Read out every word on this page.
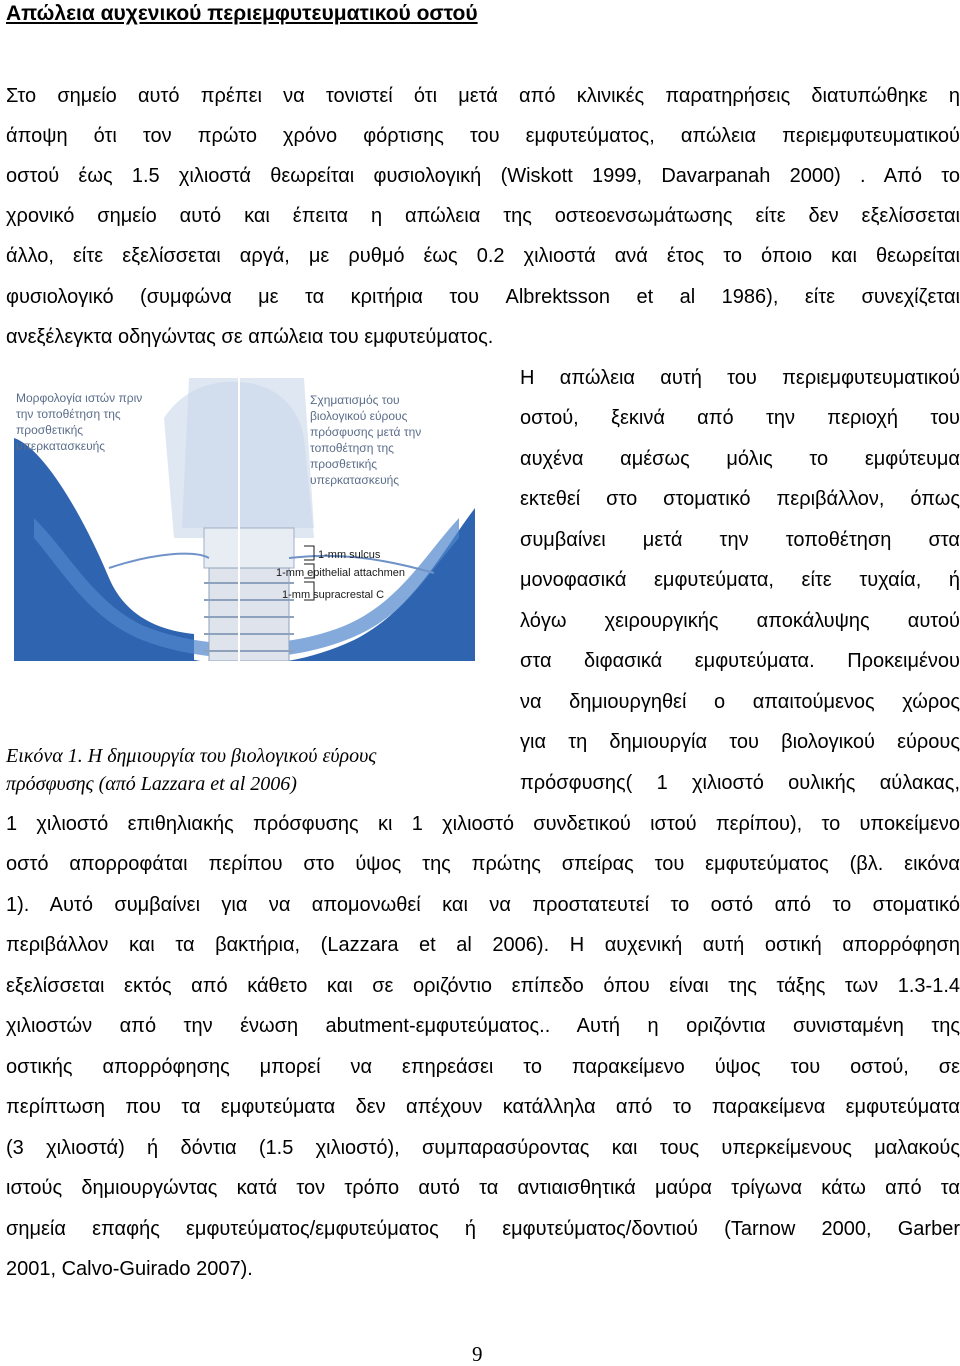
Απώλεια αυχενικού περιεμφυτευματικού οστού

Στο σημείο αυτό πρέπει να τονιστεί ότι μετά από κλινικές παρατηρήσεις διατυπώθηκε η

άποψη ότι τον πρώτο χρόνο φόρτισης του εμφυτεύματος, απώλεια περιεμφυτευματικού

οστού έως 1.5 χιλιοστά θεωρείται φυσιολογική (Wiskott 1999, Davarpanah 2000) . Από το

χρονικό σημείο αυτό και έπειτα η απώλεια της οστεοενσωμάτωσης είτε δεν εξελίσσεται

άλλο, είτε εξελίσσεται αργά, με ρυθμό έως 0.2 χιλιοστά ανά έτος το όποιο και θεωρείται

φυσιολογικό (συμφώνα με τα κριτήρια του Albrektsson et al 1986), είτε συνεχίζεται

ανεξέλεγκτα οδηγώντας σε απώλεια του εμφυτεύματος.

Μορφολογία ιστών πριν
την τοποθέτηση της
προσθετικής
υπερκατασκευής
Σχηματισμός του
βιολογικού εύρους
πρόσφυσης μετά την
τοποθέτηση της
προσθετικής
υπερκατασκευής
1-mm sulcus
1-mm epithelial attachmen
1-mm supracrestal C

Η απώλεια αυτή του περιεμφυτευματικού

οστού, ξεκινά από την περιοχή του

αυχένα αμέσως μόλις το εμφύτευμα

εκτεθεί στο στοματικό περιβάλλον, όπως

συμβαίνει μετά την τοποθέτηση στα

μονοφασικά εμφυτεύματα, είτε τυχαία, ή

λόγω χειρουργικής αποκάλυψης αυτού

στα διφασικά εμφυτεύματα. Προκειμένου

να δημιουργηθεί ο απαιτούμενος χώρος

για τη δημιουργία του βιολογικού εύρους

πρόσφυσης( 1 χιλιοστό ουλικής αύλακας,

Εικόνα 1. Η δημιουργία του βιολογικού εύρους

πρόσφυσης (από Lazzara et al 2006)

1 χιλιοστό επιθηλιακής πρόσφυσης κι 1 χιλιοστό συνδετικού ιστού περίπου), το υποκείμενο

οστό απορροφάται περίπου στο ύψος της πρώτης σπείρας του εμφυτεύματος (βλ. εικόνα

1). Αυτό συμβαίνει για να απομονωθεί και να προστατευτεί το οστό από το στοματικό

περιβάλλον και τα βακτήρια, (Lazzara et al 2006). Η αυχενική αυτή οστική απορρόφηση

εξελίσσεται εκτός από κάθετο και σε οριζόντιο επίπεδο όπου είναι της τάξης των 1.3-1.4

χιλιοστών από την ένωση abutment-εμφυτεύματος.. Αυτή η οριζόντια συνισταμένη της

οστικής απορρόφησης μπορεί να επηρεάσει το παρακείμενο ύψος του οστού, σε

περίπτωση που τα εμφυτεύματα δεν απέχουν κατάλληλα από το παρακείμενα εμφυτεύματα

(3 χιλιοστά) ή δόντια (1.5 χιλιοστό), συμπαρασύροντας και τους υπερκείμενους μαλακούς

ιστούς δημιουργώντας κατά τον τρόπο αυτό τα αντιαισθητικά μαύρα τρίγωνα κάτω από τα

σημεία επαφής εμφυτεύματος/εμφυτεύματος ή εμφυτεύματος/δοντιού (Tarnow 2000, Garber

2001, Calvo-Guirado 2007).

9
